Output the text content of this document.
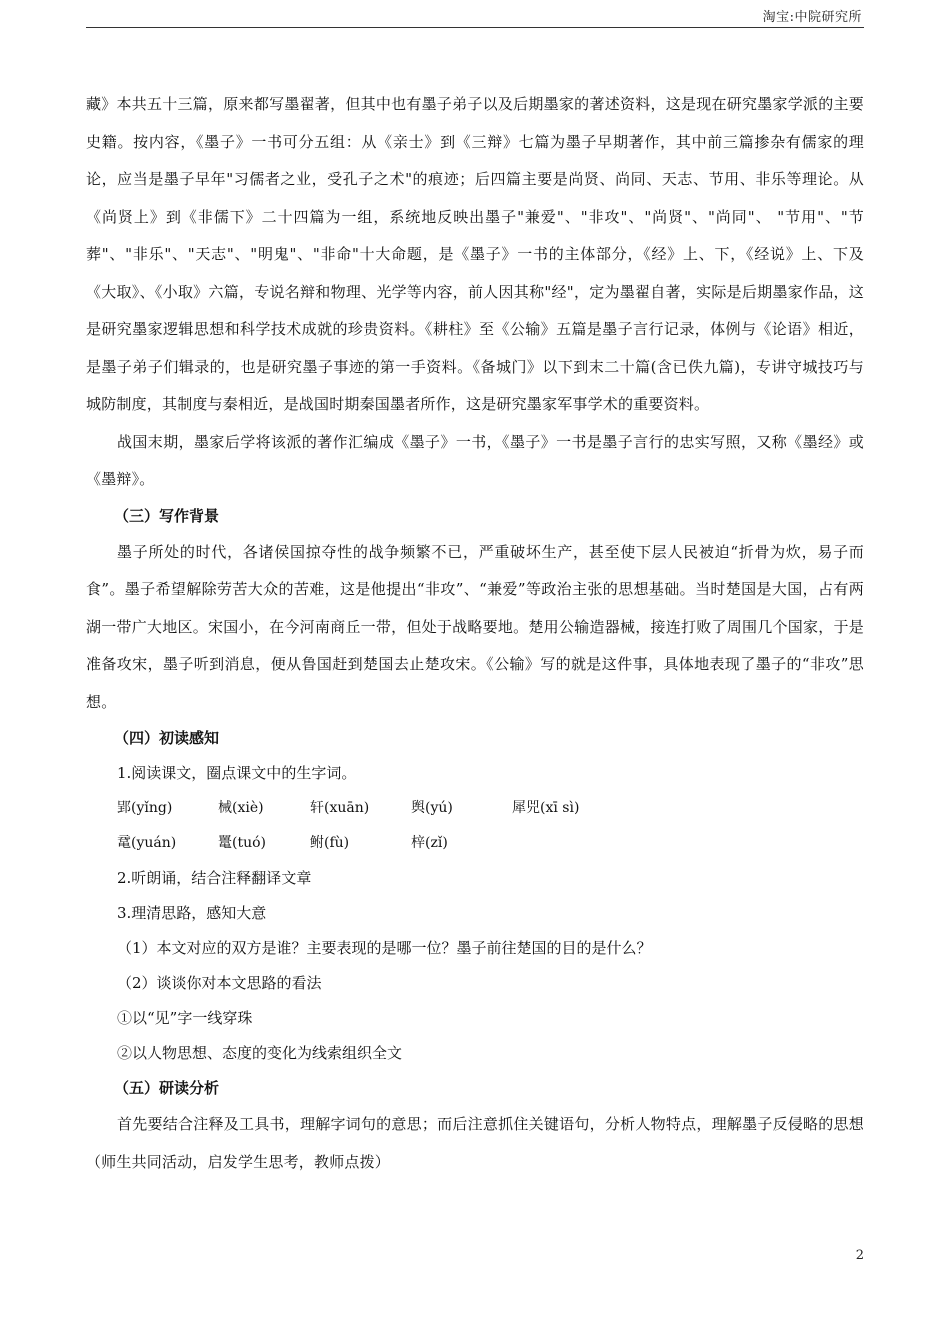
淘宝:中院研究所

藏》本共五十三篇，原来都写墨翟著，但其中也有墨子弟子以及后期墨家的著述资料，这是现在研究墨家学派的主要史籍。按内容，《墨子》一书可分五组：从《亲士》到《三辩》七篇为墨子早期著作，其中前三篇掺杂有儒家的理论，应当是墨子早年"习儒者之业，受孔子之术"的痕迹；后四篇主要是尚贤、尚同、天志、节用、非乐等理论。从《尚贤上》到《非儒下》二十四篇为一组，系统地反映出墨子"兼爱"、"非攻"、"尚贤"、"尚同"、 "节用"、"节葬"、"非乐"、"天志"、"明鬼"、"非命"十大命题，是《墨子》一书的主体部分，《经》上、下，《经说》上、下及《大取》、《小取》六篇，专说名辩和物理、光学等内容，前人因其称"经"，定为墨翟自著，实际是后期墨家作品，这是研究墨家逻辑思想和科学技术成就的珍贵资料。《耕柱》至《公输》五篇是墨子言行记录，体例与《论语》相近，是墨子弟子们辑录的，也是研究墨子事迹的第一手资料。《备城门》以下到末二十篇(含已佚九篇)，专讲守城技巧与城防制度，其制度与秦相近，是战国时期秦国墨者所作，这是研究墨家军事学术的重要资料。

战国末期，墨家后学将该派的著作汇编成《墨子》一书，《墨子》一书是墨子言行的忠实写照，又称《墨经》或《墨辩》。

（三）写作背景

墨子所处的时代，各诸侯国掠夺性的战争频繁不已，严重破坏生产，甚至使下层人民被迫“折骨为炊，易子而食”。墨子希望解除劳苦大众的苦难，这是他提出“非攻”、“兼爱”等政治主张的思想基础。当时楚国是大国，占有两湖一带广大地区。宋国小，在今河南商丘一带，但处于战略要地。楚用公输造器械，接连打败了周围几个国家，于是准备攻宋，墨子听到消息，便从鲁国赶到楚国去止楚攻宋。《公输》写的就是这件事，具体地表现了墨子的“非攻”思想。

（四）初读感知

1.阅读课文，圈点课文中的生字词。

郢(yǐng)	械(xiè)	轩(xuān)	舆(yú)	犀兕(xī sì)
鼋(yuán)	鼍(tuó)	鲋(fù)	梓(zǐ)

2.听朗诵，结合注释翻译文章

3.理清思路，感知大意

（1）本文对应的双方是谁？主要表现的是哪一位？墨子前往楚国的目的是什么？

（2）谈谈你对本文思路的看法

①以“见”字一线穿珠

②以人物思想、态度的变化为线索组织全文

（五）研读分析

首先要结合注释及工具书，理解字词句的意思；而后注意抓住关键语句，分析人物特点，理解墨子反侵略的思想（师生共同活动，启发学生思考，教师点拨）

2
